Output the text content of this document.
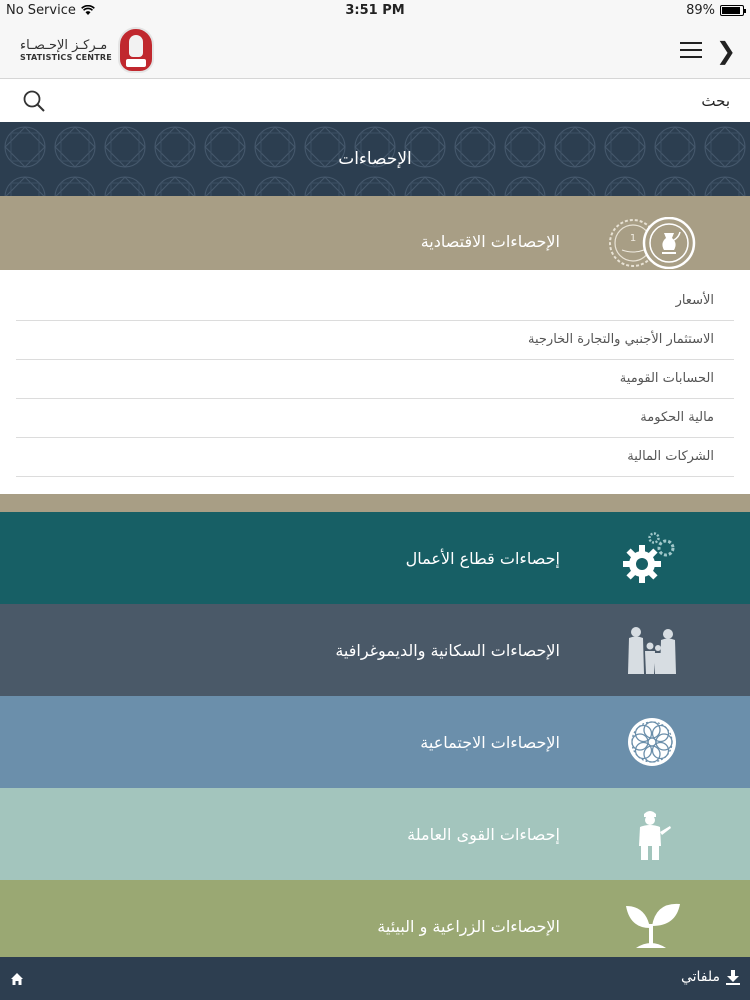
No Service	3:51 PM	89%
مـركـز الإحـصـاء
STATISTICS CENTRE	❯
بحث
الإحصاءات
الإحصاءات الاقتصادية	1
الأسعار
الاستثمار الأجنبي والتجارة الخارجية
الحسابات القومية
مالية الحكومة
الشركات المالية
إحصاءات قطاع الأعمال
الإحصاءات السكانية والديموغرافية
الإحصاءات الاجتماعية
إحصاءات القوى العاملة
الإحصاءات الزراعية و البيئية
ملفاتي
